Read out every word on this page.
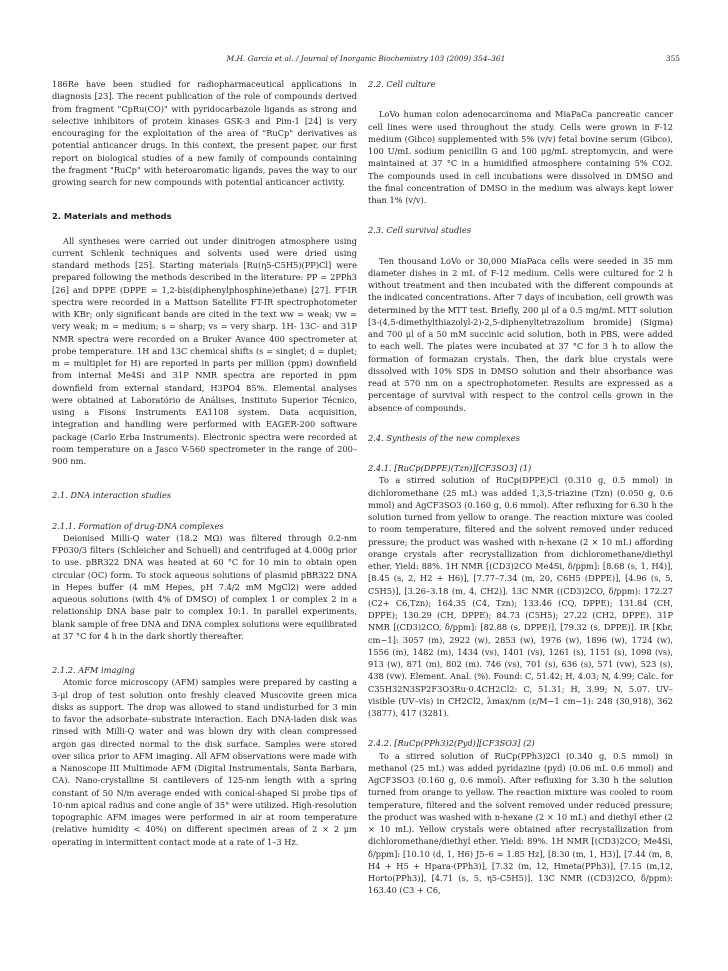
M.H. Garcia et al. / Journal of Inorganic Biochemistry 103 (2009) 354–361	355

186Re have been studied for radiopharmaceutical applications in diagnosis [23]. The recent publication of the role of compounds derived from fragment "CpRu(CO)" with pyridocarbazole ligands as strong and selective inhibitors of protein kinases GSK-3 and Pim-1 [24] is very encouraging for the exploitation of the area of "RuCp" derivatives as potential anticancer drugs. In this context, the present paper, our first report on biological studies of a new family of compounds containing the fragment "RuCp" with heteroaromatic ligands, paves the way to our growing search for new compounds with potential anticancer activity.

2. Materials and methods

All syntheses were carried out under dinitrogen atmosphere using current Schlenk techniques and solvents used were dried using standard methods [25]. Starting materials [Ru(η5-C5H5)(PP)Cl] were prepared following the methods described in the literature: PP = 2PPh3 [26] and DPPE (DPPE = 1,2-bis(diphenylphosphine)ethane) [27]. FT-IR spectra were recorded in a Mattson Satellite FT-IR spectrophotometer with KBr; only significant bands are cited in the text ww = weak; vw = very weak; m = medium; s = sharp; vs = very sharp. 1H- 13C- and 31P NMR spectra were recorded on a Bruker Avance 400 spectrometer at probe temperature. 1H and 13C chemical shifts (s = singlet; d = duplet; m = multiplet for H) are reported in parts per million (ppm) downfield from internal Me4Si and 31P NMR spectra are reported in ppm downfield from external standard, H3PO4 85%. Elemental analyses were obtained at Laboratório de Análises, Instituto Superior Técnico, using a Fisons Instruments EA1108 system. Data acquisition, integration and handling were performed with EAGER-200 software package (Carlo Erba Instruments). Electronic spectra were recorded at room temperature on a Jasco V-560 spectrometer in the range of 200–900 nm.

2.1. DNA interaction studies

2.1.1. Formation of drug-DNA complexes

Deionised Milli-Q water (18.2 MΩ) was filtered through 0.2-nm FP030/3 filters (Schleicher and Schuell) and centrifuged at 4.000g prior to use. pBR322 DNA was heated at 60 °C for 10 min to obtain open circular (OC) form. To stock aqueous solutions of plasmid pBR322 DNA in Hepes buffer (4 mM Hepes, pH 7.4/2 mM MgCl2) were added aqueous solutions (with 4% of DMSO) of complex 1 or complex 2 in a relationship DNA base pair to complex 10:1. In parallel experiments, blank sample of free DNA and DNA complex solutions were equilibrated at 37 °C for 4 h in the dark shortly thereafter.

2.1.2. AFM imaging

Atomic force microscopy (AFM) samples were prepared by casting a 3-μl drop of test solution onto freshly cleaved Muscovite green mica disks as support. The drop was allowed to stand undisturbed for 3 min to favor the adsorbate–substrate interaction. Each DNA-laden disk was rinsed with Milli-Q water and was blown dry with clean compressed argon gas directed normal to the disk surface. Samples were stored over silica prior to AFM imaging. All AFM observations were made with a Nanoscope III Multimode AFM (Digital Instrumentals, Santa Barbara, CA). Nano-crystalline Si cantilevers of 125-nm length with a spring constant of 50 N/m average ended with conical-shaped Si probe tips of 10-nm apical radius and cone angle of 35° were utilized. High-resolution topographic AFM images were performed in air at room temperature (relative humidity < 40%) on different specimen areas of 2 × 2 μm operating in intermittent contact mode at a rate of 1–3 Hz.

2.2. Cell culture

LoVo human colon adenocarcinoma and MiaPaCa pancreatic cancer cell lines were used throughout the study. Cells were grown in F-12 medium (Gibco) supplemented with 5% (v/v) fetal bovine serum (Gibco), 100 U/mL sodium penicillin G and 100 μg/mL streptomycin, and were maintained at 37 °C in a humidified atmosphere containing 5% CO2. The compounds used in cell incubations were dissolved in DMSO and the final concentration of DMSO in the medium was always kept lower than 1% (v/v).

2.3. Cell survival studies

Ten thousand LoVo or 30,000 MiaPaca cells were seeded in 35 mm diameter dishes in 2 mL of F-12 medium. Cells were cultured for 2 h without treatment and then incubated with the different compounds at the indicated concentrations. After 7 days of incubation, cell growth was determined by the MTT test. Briefly, 200 μl of a 0.5 mg/mL MTT solution [3-(4,5-dimethylthiazolyl-2)-2,5-diphenyltetrazolium bromide] (Sigma) and 700 μl of a 50 mM succinic acid solution, both in PBS, were added to each well. The plates were incubated at 37 °C for 3 h to allow the formation of formazan crystals. Then, the dark blue crystals were dissolved with 10% SDS in DMSO solution and their absorbance was read at 570 nm on a spectrophotometer. Results are expressed as a percentage of survival with respect to the control cells grown in the absence of compounds.

2.4. Synthesis of the new complexes

2.4.1. [RuCp(DPPE)(Tzn)][CF3SO3] (1)

To a stirred solution of RuCp(DPPE)Cl (0.310 g, 0.5 mmol) in dichloromethane (25 mL) was added 1,3,5-triazine (Tzn) (0.050 g, 0.6 mmol) and AgCF3SO3 (0.160 g, 0.6 mmol). After refluxing for 6.30 h the solution turned from yellow to orange. The reaction mixture was cooled to room temperature, filtered and the solvent removed under reduced pressure; the product was washed with n-hexane (2 × 10 mL) affording orange crystals after recrystallization from dichloromethane/diethyl ether. Yield: 88%. 1H NMR [(CD3)2CO Me4Si, δ/ppm]: [8.68 (s, 1, H4)], [8.45 (s, 2, H2 + H6)], [7.77–7.34 (m, 20, C6H5 (DPPE)], [4.96 (s, 5, C5H5)], [3.26–3.18 (m, 4, CH2)]. 13C NMR ((CD3)2CO, δ/ppm): 172.27 (C2+ C6,Tzn); 164.35 (C4, Tzn); 133.46 (CQ, DPPE); 131.84 (CH, DPPE); 130.29 (CH, DPPE); 84.73 (C5H5); 27.22 (CH2, DPPE). 31P NMR [(CD3)2CO, δ/ppm]: [82.88 (s, DPPE)], [79.32 (s, DPPE)]. IR [Kbr, cm−1]: 3057 (m), 2922 (w), 2853 (w), 1976 (w), 1896 (w), 1724 (w), 1556 (m), 1482 (m), 1434 (vs), 1401 (vs), 1261 (s), 1151 (s), 1098 (vs), 913 (w), 871 (m), 802 (m). 746 (vs), 701 (s), 636 (s), 571 (vw), 523 (s), 438 (vw). Element. Anal. (%). Found: C, 51.42; H, 4.03; N, 4.99; Calc. for C35H32N3SP2F3O3Ru·0.4CH2Cl2: C, 51.31; H, 3.99; N, 5.07. UV–visible (UV–vis) in CH2Cl2, λmax/nm (ε/M−1 cm−1): 248 (30,918), 362 (3877), 417 (3281).

2.4.2. [RuCp(PPh3)2(Pyd)][CF3SO3] (2)

To a stirred solution of RuCp(PPh3)2Cl (0.340 g, 0.5 mmol) in methanol (25 mL) was added pyridazine (pyd) (0.06 mL 0.6 mmol) and AgCF3SO3 (0.160 g, 0.6 mmol). After refluxing for 3.30 h the solution turned from orange to yellow. The reaction mixture was cooled to room temperature, filtered and the solvent removed under reduced pressure; the product was washed with n-hexane (2 × 10 mL) and diethyl ether (2 × 10 mL). Yellow crystals were obtained after recrystallization from dichloromethane/diethyl ether. Yield: 89%. 1H NMR [(CD3)2CO; Me4Si, δ/ppm]: [10.10 (d, 1, H6) J5–6 = 1.85 Hz], [8.30 (m, 1, H3)], [7.44 (m, 8, H4 + H5 + Hpara-(PPh3)], [7.32 (m, 12, Hmeta(PPh3)], [7.15 (m,12, Horto(PPh3)], [4.71 (s, 5, η5-C5H5)]. 13C NMR ((CD3)2CO, δ/ppm): 163.40 (C3 + C6,
